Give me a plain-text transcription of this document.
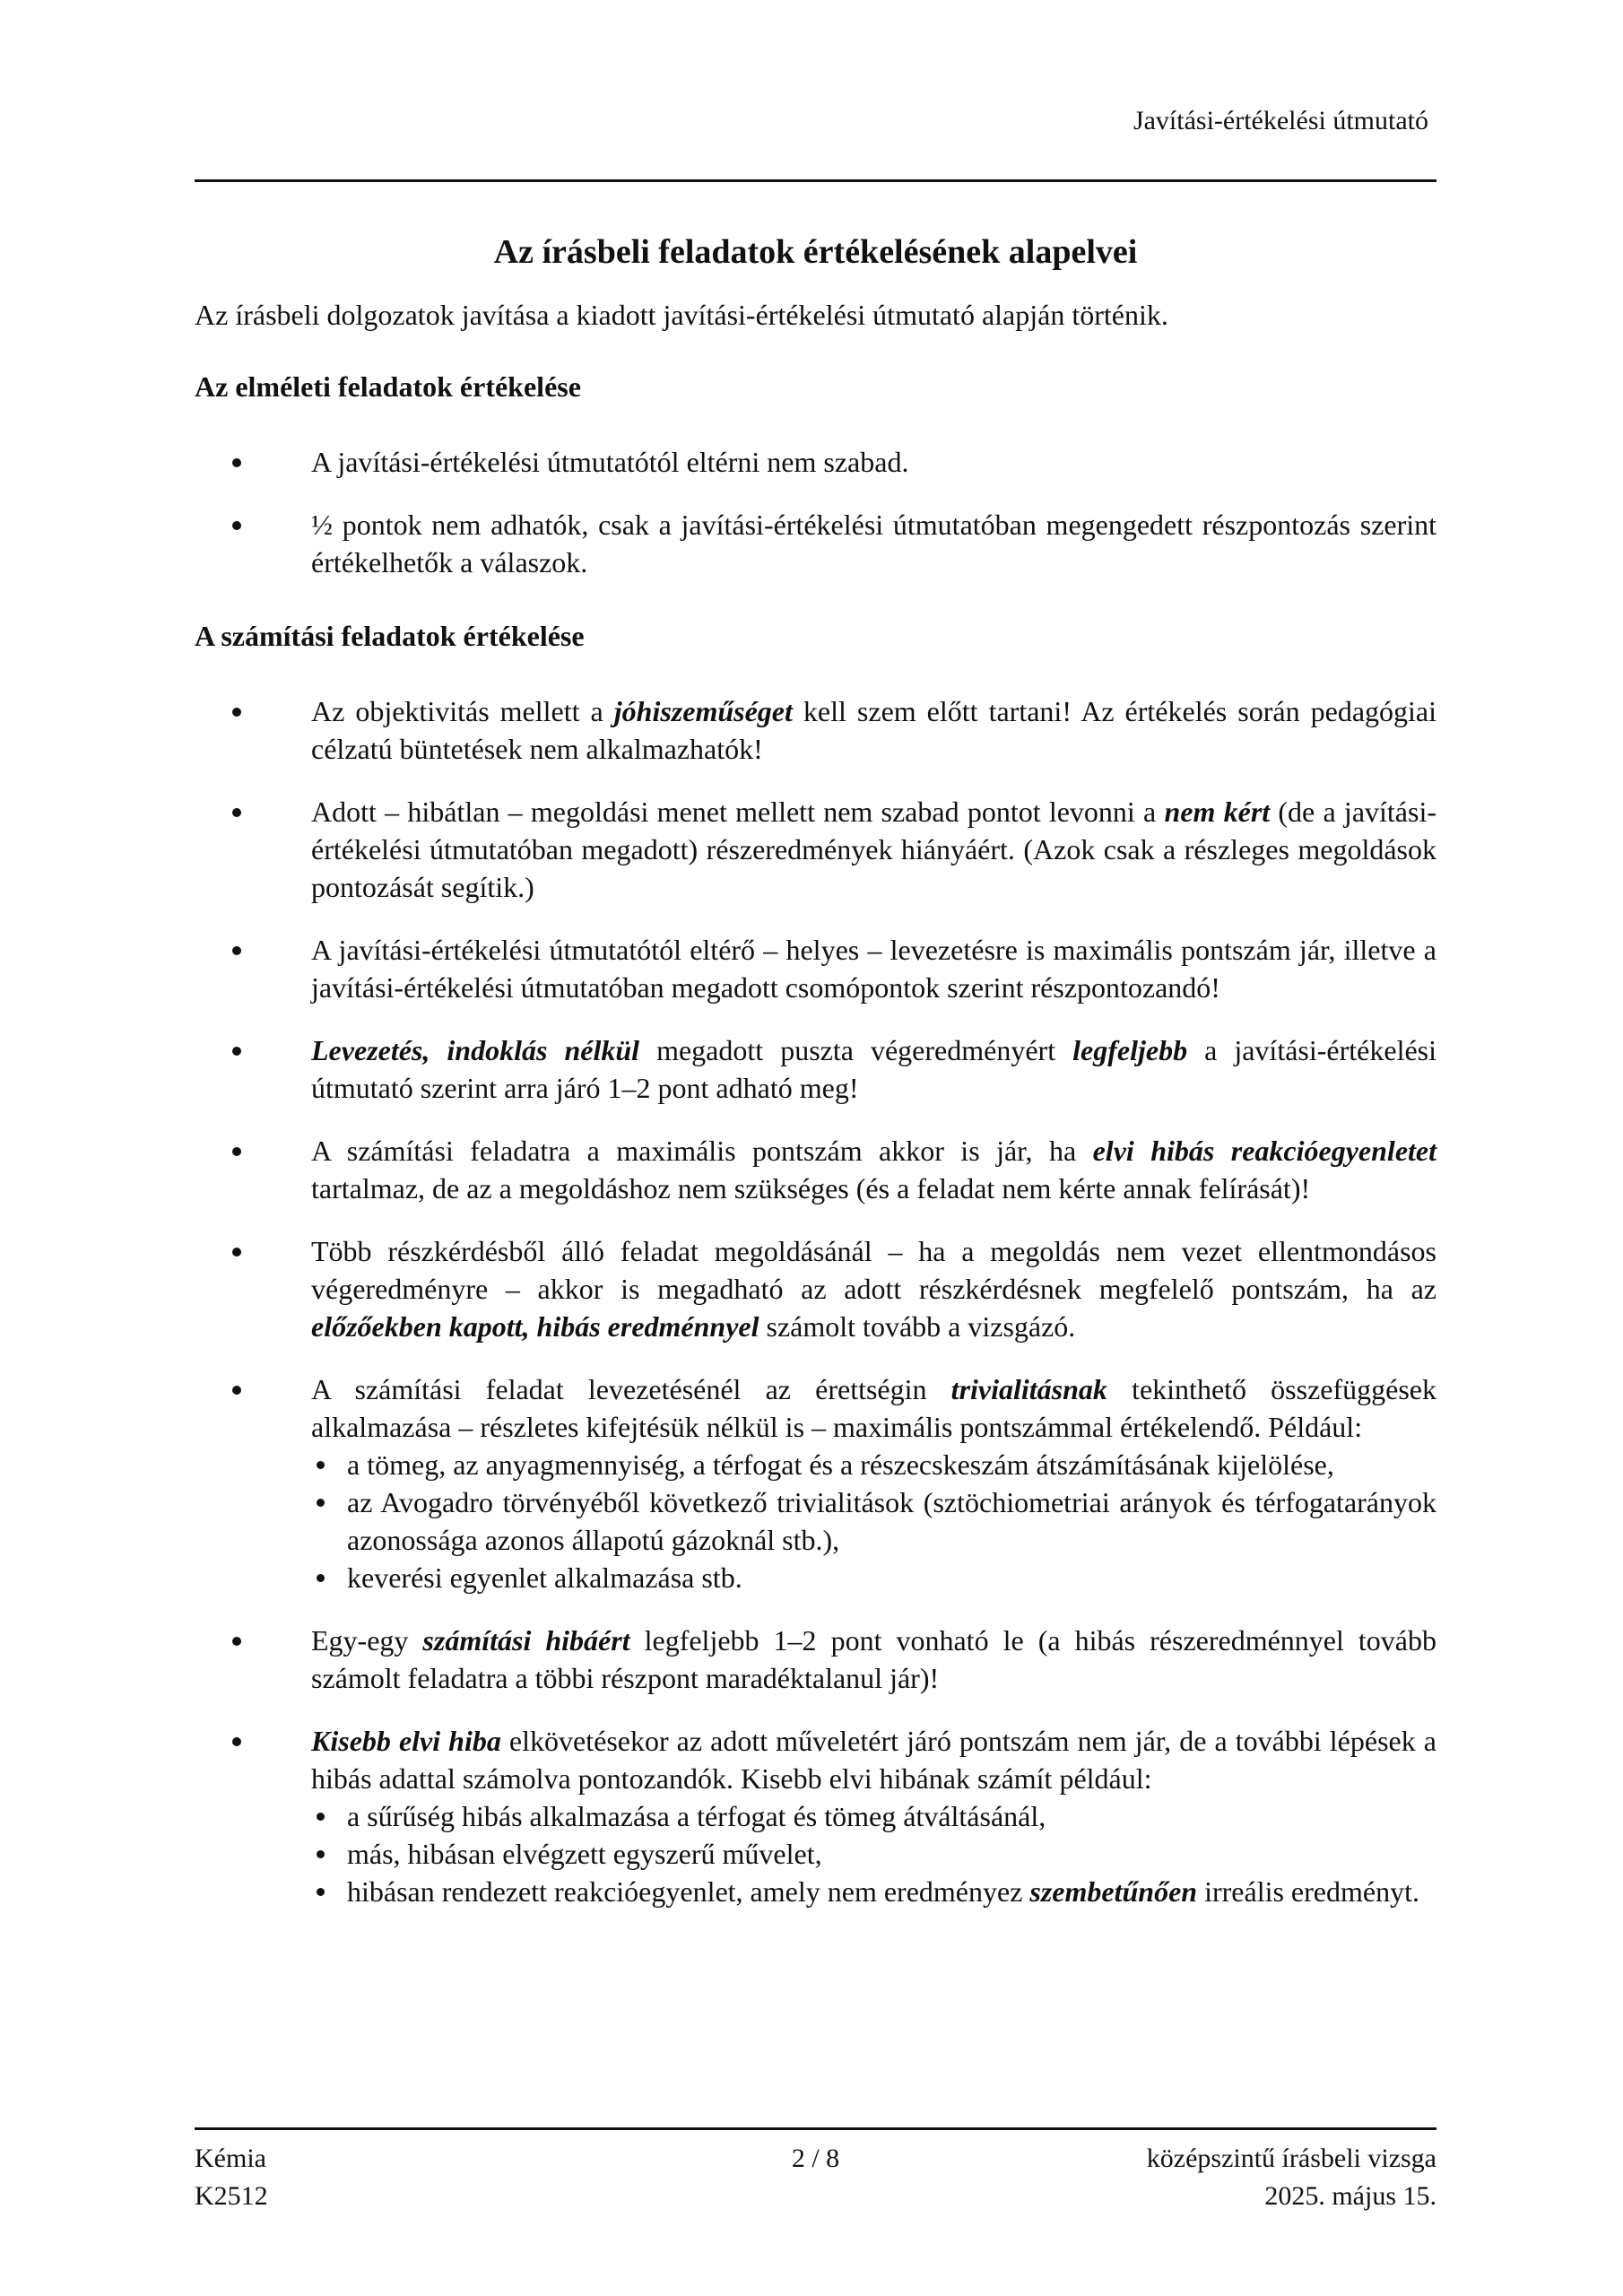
Javítási-értékelési útmutató
Az írásbeli feladatok értékelésének alapelvei
Az írásbeli dolgozatok javítása a kiadott javítási-értékelési útmutató alapján történik.
Az elméleti feladatok értékelése
A javítási-értékelési útmutatótól eltérni nem szabad.
½ pontok nem adhatók, csak a javítási-értékelési útmutatóban megengedett részpontozás szerint értékelhetők a válaszok.
A számítási feladatok értékelése
Az objektivitás mellett a jóhiszeműséget kell szem előtt tartani! Az értékelés során pedagógiai célzatú büntetések nem alkalmazhatók!
Adott – hibátlan – megoldási menet mellett nem szabad pontot levonni a nem kért (de a javítási-értékelési útmutatóban megadott) részeredmények hiányáért. (Azok csak a részleges megoldások pontozását segítik.)
A javítási-értékelési útmutatótól eltérő – helyes – levezetésre is maximális pontszám jár, illetve a javítási-értékelési útmutatóban megadott csomópontok szerint részpontozandó!
Levezetés, indoklás nélkül megadott puszta végeredményért legfeljebb a javítási-értékelési útmutató szerint arra járó 1–2 pont adható meg!
A számítási feladatra a maximális pontszám akkor is jár, ha elvi hibás reakcióegyenletet tartalmaz, de az a megoldáshoz nem szükséges (és a feladat nem kérte annak felírását)!
Több részkérdésből álló feladat megoldásánál – ha a megoldás nem vezet ellentmondásos végeredményre – akkor is megadható az adott részkérdésnek megfelelő pontszám, ha az előzőekben kapott, hibás eredménnyel számolt tovább a vizsgázó.
A számítási feladat levezetésénél az érettségin trivialitásnak tekinthető összefüggések alkalmazása – részletes kifejtésük nélkül is – maximális pontszámmal értékelendő. Például:
a tömeg, az anyagmennyiség, a térfogat és a részecskeszám átszámításának kijelölése,
az Avogadro törvényéből következő trivialitások (sztöchiometriai arányok és térfogatarányok azonossága azonos állapotú gázoknál stb.),
keverési egyenlet alkalmazása stb.
Egy-egy számítási hibáért legfeljebb 1–2 pont vonható le (a hibás részeredménnyel tovább számolt feladatra a többi részpont maradéktalanul jár)!
Kisebb elvi hiba elkövetésekor az adott műveletért járó pontszám nem jár, de a további lépések a hibás adattal számolva pontozandók. Kisebb elvi hibának számít például:
a sűrűség hibás alkalmazása a térfogat és tömeg átváltásánál,
más, hibásan elvégzett egyszerű művelet,
hibásan rendezett reakcióegyenlet, amely nem eredményez szembetűnően irreális eredményt.
Kémia
K2512
2 / 8	középszintű írásbeli vizsga
2025. május 15.
